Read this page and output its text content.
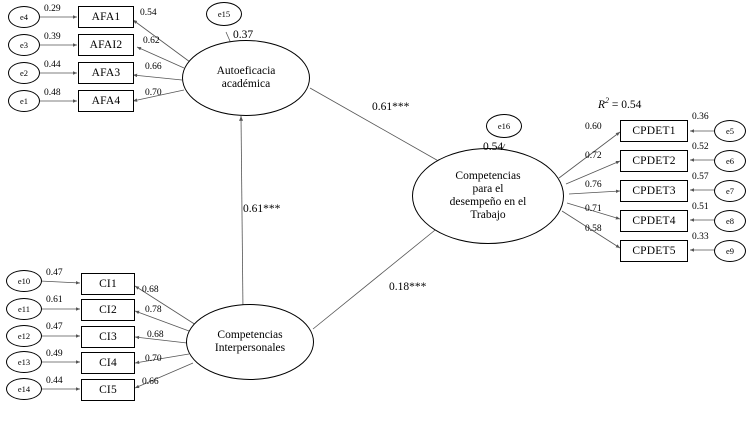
e4
e3
e2
e1
0.29
0.39
0.44
0.48
AFA1
AFAI2
AFA3
AFA4
0.54
0.62
0.66
0.70
Autoeficacia
académica
e15
0.37
e10
e11
e12
e13
e14
0.47
0.61
0.47
0.49
0.44
CI1
CI2
CI3
CI4
CI5
0.68
0.78
0.68
0.70
0.66
Competencias
Interpersonales
Competencias
para el
desempeño en el
Trabajo
e16
0.54
$R^2 = 0.54$
CPDET1
CPDET2
CPDET3
CPDET4
CPDET5
0.60
0.72
0.76
0.71
0.58
e5
e6
e7
e8
e9
0.36
0.52
0.57
0.51
0.33
0.61***
0.61***
0.18***
